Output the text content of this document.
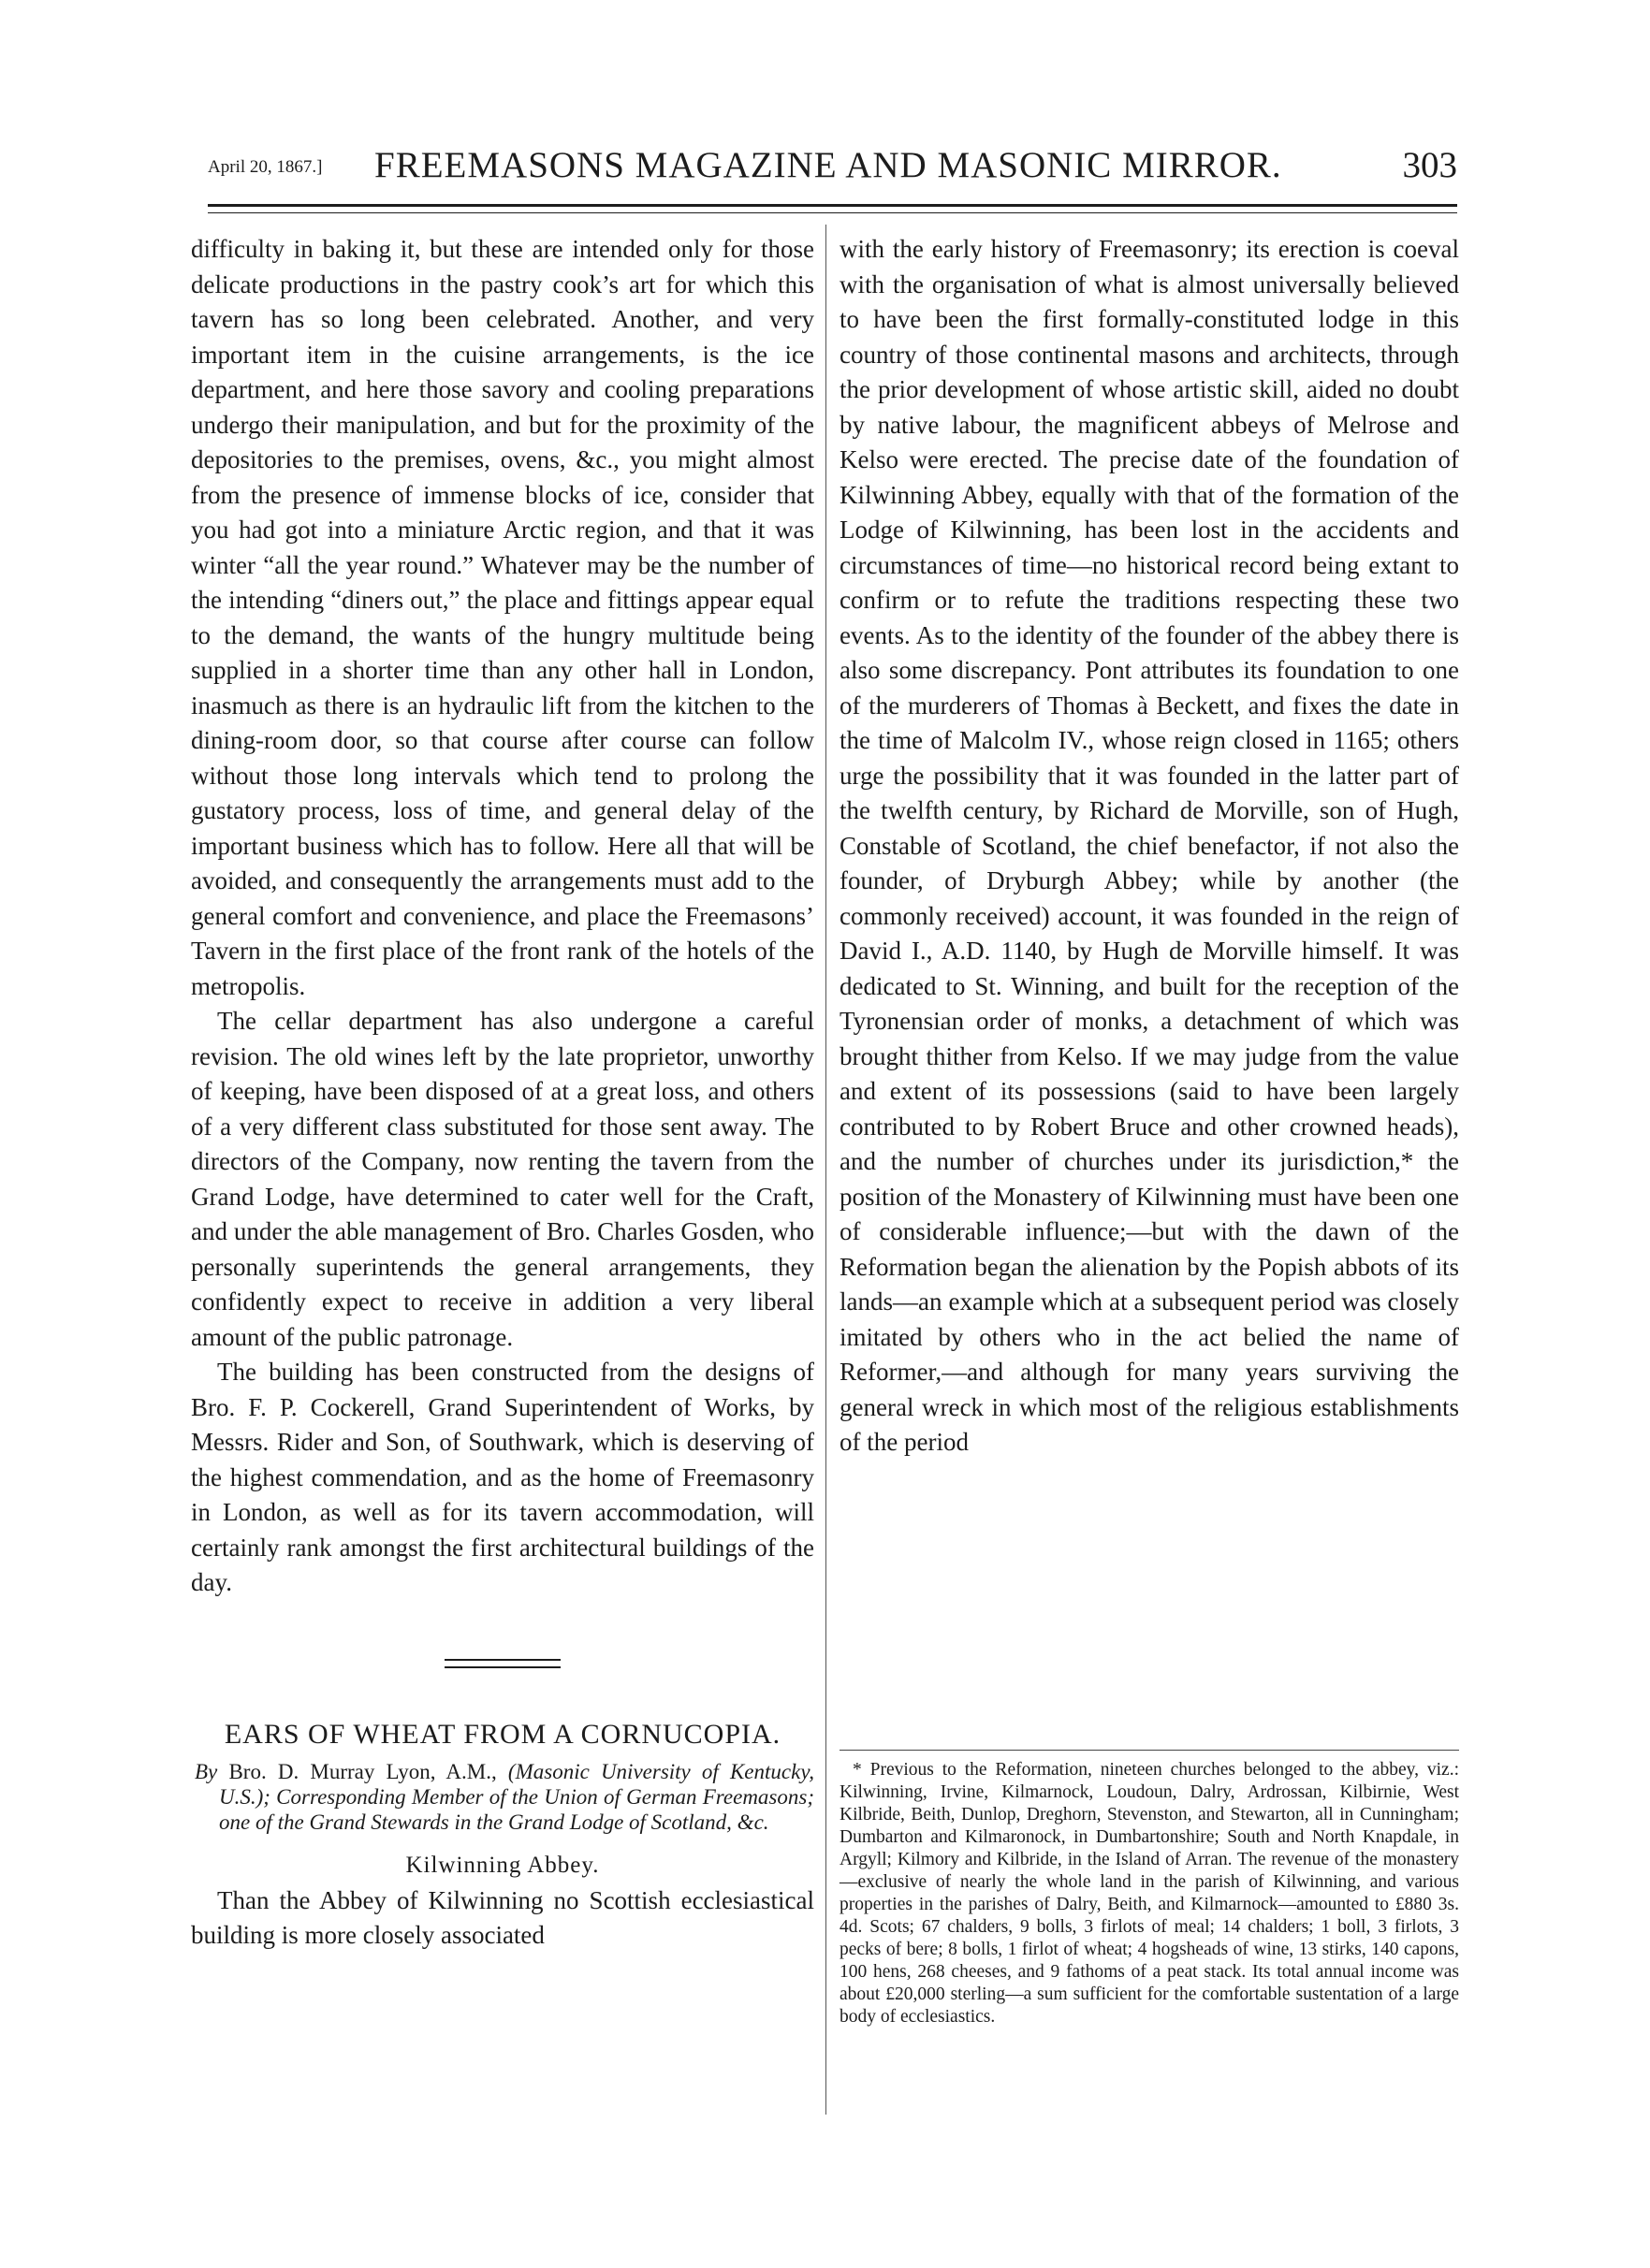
April 20, 1867.] FREEMASONS MAGAZINE AND MASONIC MIRROR.	303

difficulty in baking it, but these are intended only for those delicate productions in the pastry cook’s art for which this tavern has so long been celebrated. Another, and very important item in the cuisine arrangements, is the ice department, and here those savory and cooling preparations undergo their manipulation, and but for the proximity of the depositories to the premises, ovens, &c., you might almost from the presence of immense blocks of ice, consider that you had got into a miniature Arctic region, and that it was winter “all the year round.” Whatever may be the number of the intending “diners out,” the place and fittings appear equal to the demand, the wants of the hungry multitude being supplied in a shorter time than any other hall in London, inasmuch as there is an hydraulic lift from the kitchen to the dining-room door, so that course after course can follow without those long intervals which tend to prolong the gustatory process, loss of time, and general delay of the important business which has to follow. Here all that will be avoided, and consequently the arrangements must add to the general comfort and convenience, and place the Freemasons’ Tavern in the first place of the front rank of the hotels of the metropolis.

The cellar department has also undergone a careful revision. The old wines left by the late proprietor, unworthy of keeping, have been disposed of at a great loss, and others of a very different class substituted for those sent away. The directors of the Company, now renting the tavern from the Grand Lodge, have determined to cater well for the Craft, and under the able management of Bro. Charles Gosden, who personally superintends the general arrangements, they confidently expect to receive in addition a very liberal amount of the public patronage.

The building has been constructed from the designs of Bro. F. P. Cockerell, Grand Superintendent of Works, by Messrs. Rider and Son, of Southwark, which is deserving of the highest commendation, and as the home of Freemasonry in London, as well as for its tavern accommodation, will certainly rank amongst the first architectural buildings of the day.

EARS OF WHEAT FROM A CORNUCOPIA.
By Bro. D. Murray Lyon, A.M., (Masonic University of Kentucky, U.S.); Corresponding Member of the Union of German Freemasons; one of the Grand Stewards in the Grand Lodge of Scotland, &c.
Kilwinning Abbey.

Than the Abbey of Kilwinning no Scottish ecclesiastical building is more closely associated

with the early history of Freemasonry; its erection is coeval with the organisation of what is almost universally believed to have been the first formally-constituted lodge in this country of those continental masons and architects, through the prior development of whose artistic skill, aided no doubt by native labour, the magnificent abbeys of Melrose and Kelso were erected. The precise date of the foundation of Kilwinning Abbey, equally with that of the formation of the Lodge of Kilwinning, has been lost in the accidents and circumstances of time—no historical record being extant to confirm or to refute the traditions respecting these two events. As to the identity of the founder of the abbey there is also some discrepancy. Pont attributes its foundation to one of the murderers of Thomas à Beckett, and fixes the date in the time of Malcolm IV., whose reign closed in 1165; others urge the possibility that it was founded in the latter part of the twelfth century, by Richard de Morville, son of Hugh, Constable of Scotland, the chief benefactor, if not also the founder, of Dryburgh Abbey; while by another (the commonly received) account, it was founded in the reign of David I., A.D. 1140, by Hugh de Morville himself. It was dedicated to St. Winning, and built for the reception of the Tyronensian order of monks, a detachment of which was brought thither from Kelso. If we may judge from the value and extent of its possessions (said to have been largely contributed to by Robert Bruce and other crowned heads), and the number of churches under its jurisdiction,* the position of the Monastery of Kilwinning must have been one of considerable influence;—but with the dawn of the Reformation began the alienation by the Popish abbots of its lands—an example which at a subsequent period was closely imitated by others who in the act belied the name of Reformer,—and although for many years surviving the general wreck in which most of the religious establishments of the period

* Previous to the Reformation, nineteen churches belonged to the abbey, viz.: Kilwinning, Irvine, Kilmarnock, Loudoun, Dalry, Ardrossan, Kilbirnie, West Kilbride, Beith, Dunlop, Dreghorn, Stevenston, and Stewarton, all in Cunningham; Dumbarton and Kilmaronock, in Dumbartonshire; South and North Knapdale, in Argyll; Kilmory and Kilbride, in the Island of Arran. The revenue of the monastery—exclusive of nearly the whole land in the parish of Kilwinning, and various properties in the parishes of Dalry, Beith, and Kilmarnock—amounted to £880 3s. 4d. Scots; 67 chalders, 9 bolls, 3 firlots of meal; 14 chalders; 1 boll, 3 firlots, 3 pecks of bere; 8 bolls, 1 firlot of wheat; 4 hogsheads of wine, 13 stirks, 140 capons, 100 hens, 268 cheeses, and 9 fathoms of a peat stack. Its total annual income was about £20,000 sterling—a sum sufficient for the comfortable sustentation of a large body of ecclesiastics.
